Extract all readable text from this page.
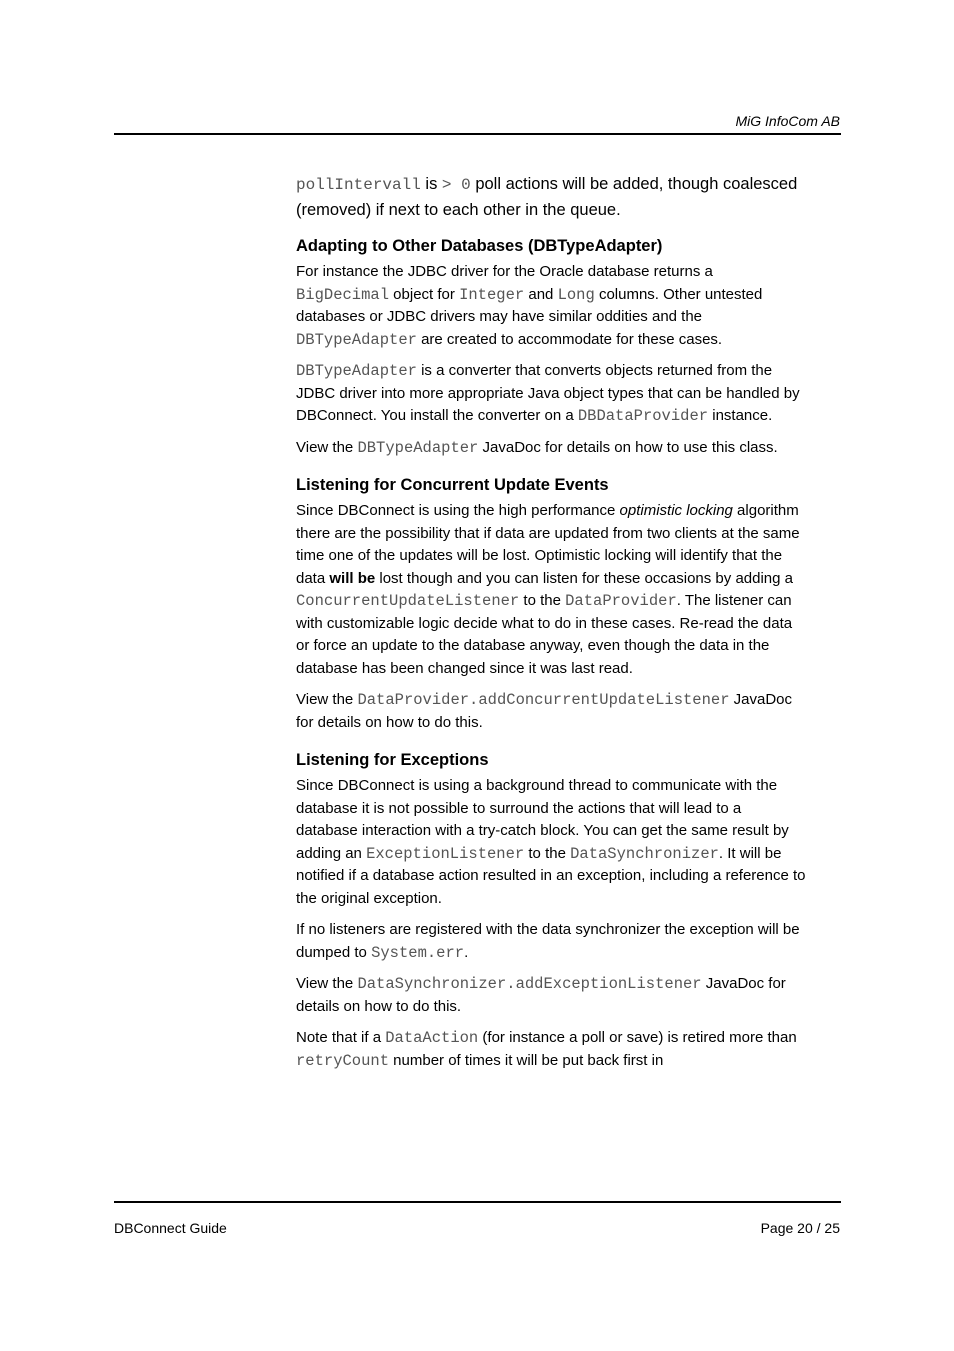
MiG InfoCom AB

pollIntervall is > 0 poll actions will be added, though coalesced (removed) if next to each other in the queue.

Adapting to Other Databases (DBTypeAdapter)

For instance the JDBC driver for the Oracle database returns a BigDecimal object for Integer and Long columns. Other untested databases or JDBC drivers may have similar oddities and the DBTypeAdapter are created to accommodate for these cases.

DBTypeAdapter is a converter that converts objects returned from the JDBC driver into more appropriate Java object types that can be handled by DBConnect. You install the converter on a DBDataProvider instance.

View the DBTypeAdapter JavaDoc for details on how to use this class.

Listening for Concurrent Update Events

Since DBConnect is using the high performance optimistic locking algorithm there are the possibility that if data are updated from two clients at the same time one of the updates will be lost. Optimistic locking will identify that the data will be lost though and you can listen for these occasions by adding a ConcurrentUpdateListener to the DataProvider. The listener can with customizable logic decide what to do in these cases. Re-read the data or force an update to the database anyway, even though the data in the database has been changed since it was last read.

View the DataProvider.addConcurrentUpdateListener JavaDoc for details on how to do this.

Listening for Exceptions

Since DBConnect is using a background thread to communicate with the database it is not possible to surround the actions that will lead to a database interaction with a try-catch block. You can get the same result by adding an ExceptionListener to the DataSynchronizer. It will be notified if a database action resulted in an exception, including a reference to the original exception.

If no listeners are registered with the data synchronizer the exception will be dumped to System.err.

View the DataSynchronizer.addExceptionListener JavaDoc for details on how to do this.

Note that if a DataAction (for instance a poll or save) is retired more than retryCount number of times it will be put back first in

DBConnect Guide	Page 20 / 25
